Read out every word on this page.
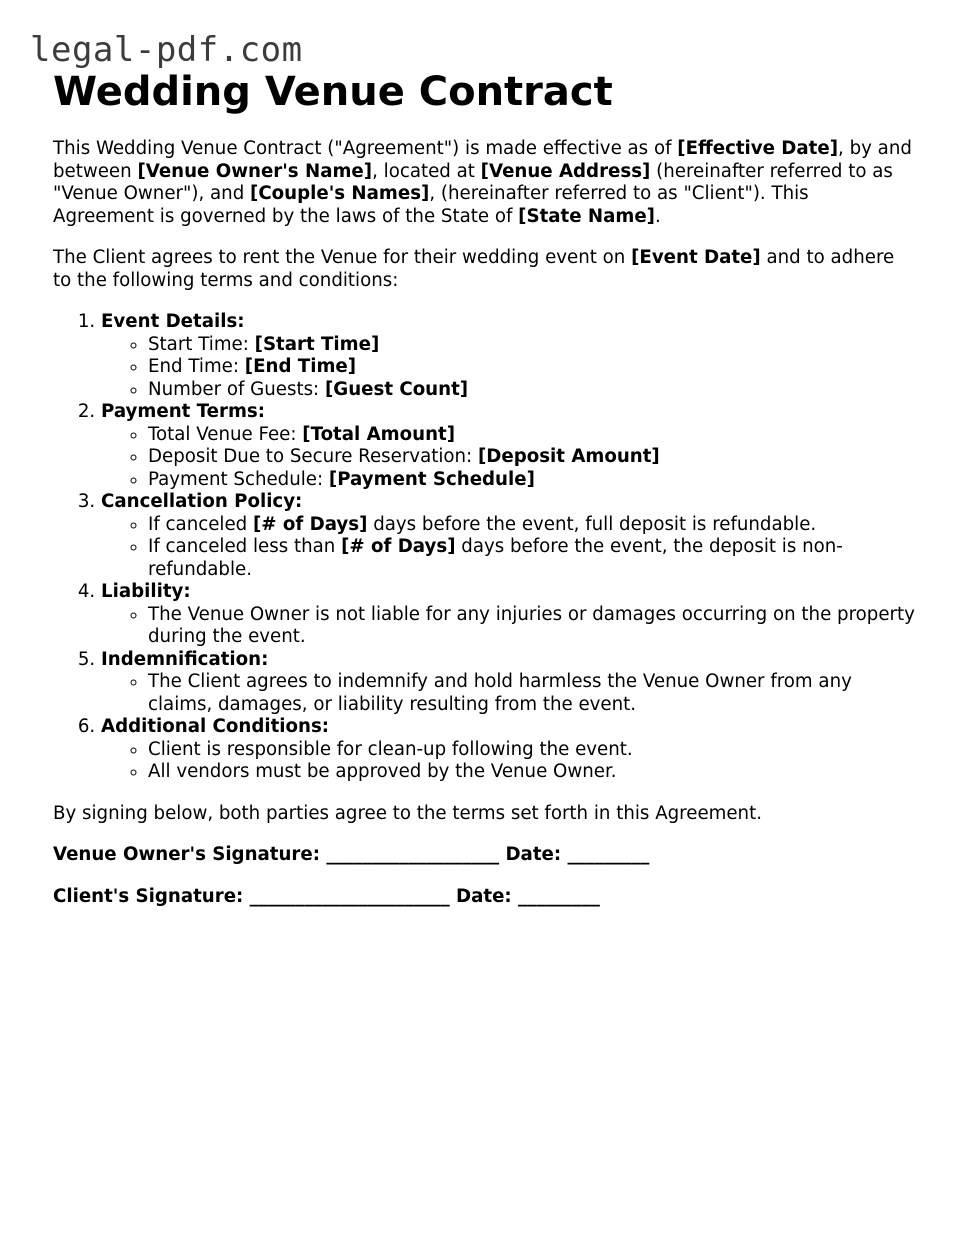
legal-pdf.com
Wedding Venue Contract

This Wedding Venue Contract ("Agreement") is made effective as of [Effective Date], by and between [Venue Owner's Name], located at [Venue Address] (hereinafter referred to as "Venue Owner"), and [Couple's Names], (hereinafter referred to as "Client"). This Agreement is governed by the laws of the State of [State Name].

The Client agrees to rent the Venue for their wedding event on [Event Date] and to adhere to the following terms and conditions:

1. Event Details:
◦ Start Time: [Start Time]
◦ End Time: [End Time]
◦ Number of Guests: [Guest Count]
2. Payment Terms:
◦ Total Venue Fee: [Total Amount]
◦ Deposit Due to Secure Reservation: [Deposit Amount]
◦ Payment Schedule: [Payment Schedule]
3. Cancellation Policy:
◦ If canceled [# of Days] days before the event, full deposit is refundable.
◦ If canceled less than [# of Days] days before the event, the deposit is non-refundable.
4. Liability:
◦ The Venue Owner is not liable for any injuries or damages occurring on the property during the event.
5. Indemnification:
◦ The Client agrees to indemnify and hold harmless the Venue Owner from any claims, damages, or liability resulting from the event.
6. Additional Conditions:
◦ Client is responsible for clean-up following the event.
◦ All vendors must be approved by the Venue Owner.

By signing below, both parties agree to the terms set forth in this Agreement.

Venue Owner's Signature: ___________________ Date: _________

Client's Signature: ______________________ Date: _________
